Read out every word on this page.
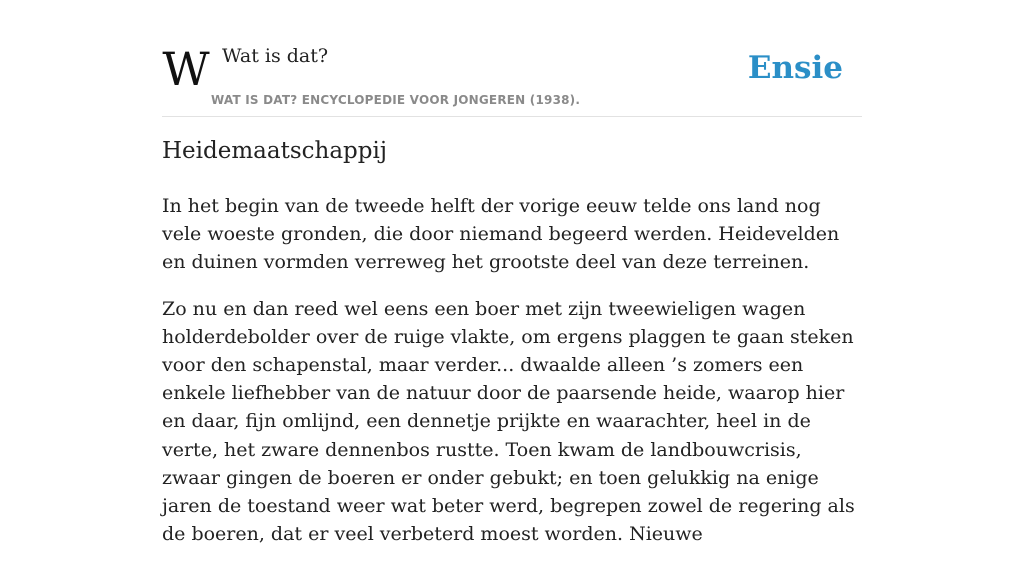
W Wat is dat?
WAT IS DAT? ENCYCLOPEDIE VOOR JONGEREN (1938).
Ensie
Heidemaatschappij

In het begin van de tweede helft der vorige eeuw telde ons land nog vele woeste gronden, die door niemand begeerd werden. Heidevelden en duinen vormden verreweg het grootste deel van deze terreinen.

Zo nu en dan reed wel eens een boer met zijn tweewieligen wagen holderdebolder over de ruige vlakte, om ergens plaggen te gaan steken voor den schapenstal, maar verder... dwaalde alleen ’s zomers een enkele liefhebber van de natuur door de paarsende heide, waarop hier en daar, fijn omlijnd, een dennetje prijkte en waarachter, heel in de verte, het zware dennenbos rustte. Toen kwam de landbouwcrisis, zwaar gingen de boeren er onder gebukt; en toen gelukkig na enige jaren de toestand weer wat beter werd, begrepen zowel de regering als de boeren, dat er veel verbeterd moest worden. Nieuwe
